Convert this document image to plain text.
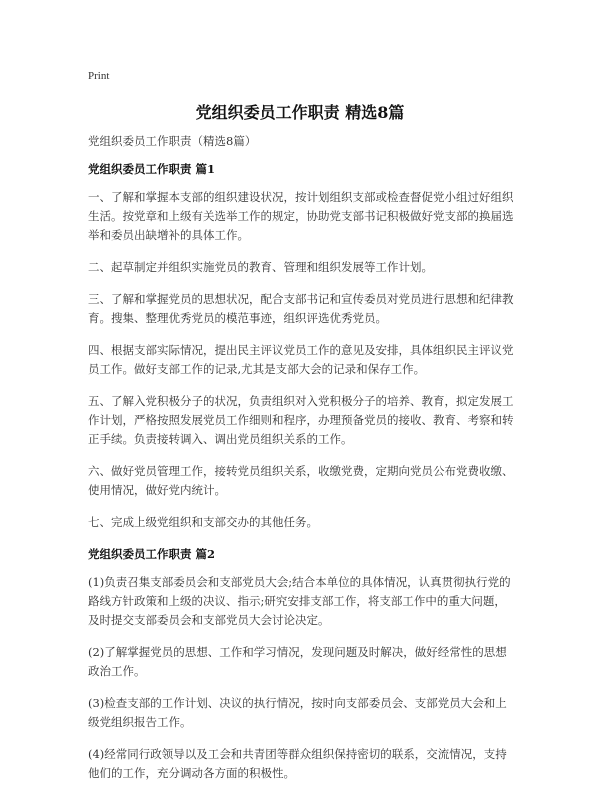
Print
党组织委员工作职责 精选8篇

党组织委员工作职责（精选8篇）

党组织委员工作职责 篇1

一、了解和掌握本支部的组织建设状况，按计划组织支部或检查督促党小组过好组织生活。按党章和上级有关选举工作的规定，协助党支部书记积极做好党支部的换届选举和委员出缺增补的具体工作。

二、起草制定并组织实施党员的教育、管理和组织发展等工作计划。

三、了解和掌握党员的思想状况，配合支部书记和宣传委员对党员进行思想和纪律教育。搜集、整理优秀党员的模范事迹，组织评选优秀党员。

四、根据支部实际情况，提出民主评议党员工作的意见及安排，具体组织民主评议党员工作。做好支部工作的记录,尤其是支部大会的记录和保存工作。

五、了解入党积极分子的状况，负责组织对入党积极分子的培养、教育，拟定发展工作计划，严格按照发展党员工作细则和程序，办理预备党员的接收、教育、考察和转正手续。负责接转调入、调出党员组织关系的工作。

六、做好党员管理工作，接转党员组织关系，收缴党费，定期向党员公布党费收缴、使用情况，做好党内统计。

七、完成上级党组织和支部交办的其他任务。

党组织委员工作职责 篇2

(1)负责召集支部委员会和支部党员大会;结合本单位的具体情况，认真贯彻执行党的路线方针政策和上级的决议、指示;研究安排支部工作，将支部工作中的重大问题，及时提交支部委员会和支部党员大会讨论决定。

(2)了解掌握党员的思想、工作和学习情况，发现问题及时解决，做好经常性的思想政治工作。

(3)检查支部的工作计划、决议的执行情况，按时向支部委员会、支部党员大会和上级党组织报告工作。

(4)经常同行政领导以及工会和共青团等群众组织保持密切的联系，交流情况，支持他们的工作，充分调动各方面的积极性。
